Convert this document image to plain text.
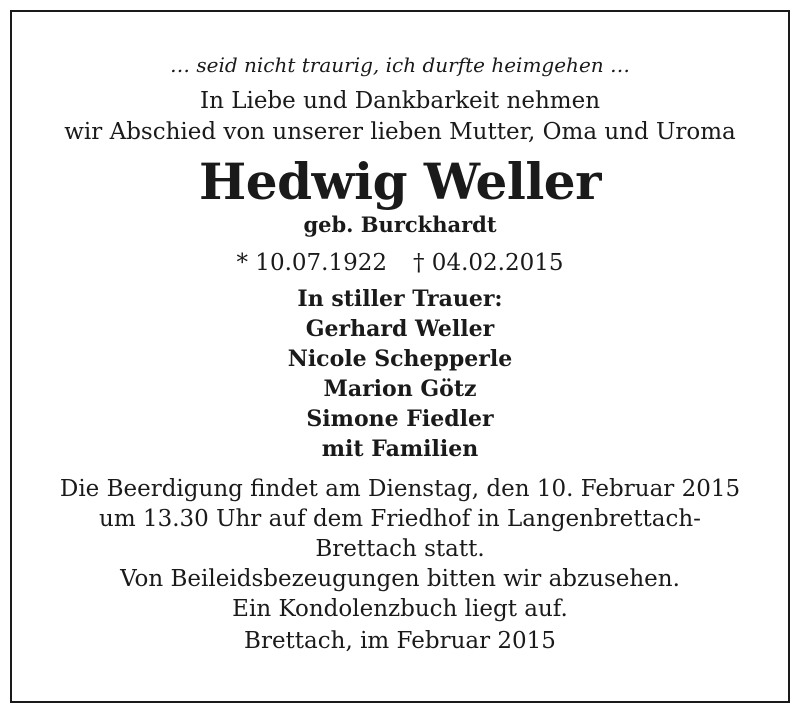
… seid nicht traurig, ich durfte heimgehen …
In Liebe und Dankbarkeit nehmen
wir Abschied von unserer lieben Mutter, Oma und Uroma
Hedwig Weller
geb. Burckhardt
* 10.07.1922 † 04.02.2015
In stiller Trauer:
Gerhard Weller
Nicole Schepperle
Marion Götz
Simone Fiedler
mit Familien
Die Beerdigung findet am Dienstag, den 10. Februar 2015
um 13.30 Uhr auf dem Friedhof in Langenbrettach-
Brettach statt.
Von Beileidsbezeugungen bitten wir abzusehen.
Ein Kondolenzbuch liegt auf.
Brettach, im Februar 2015
